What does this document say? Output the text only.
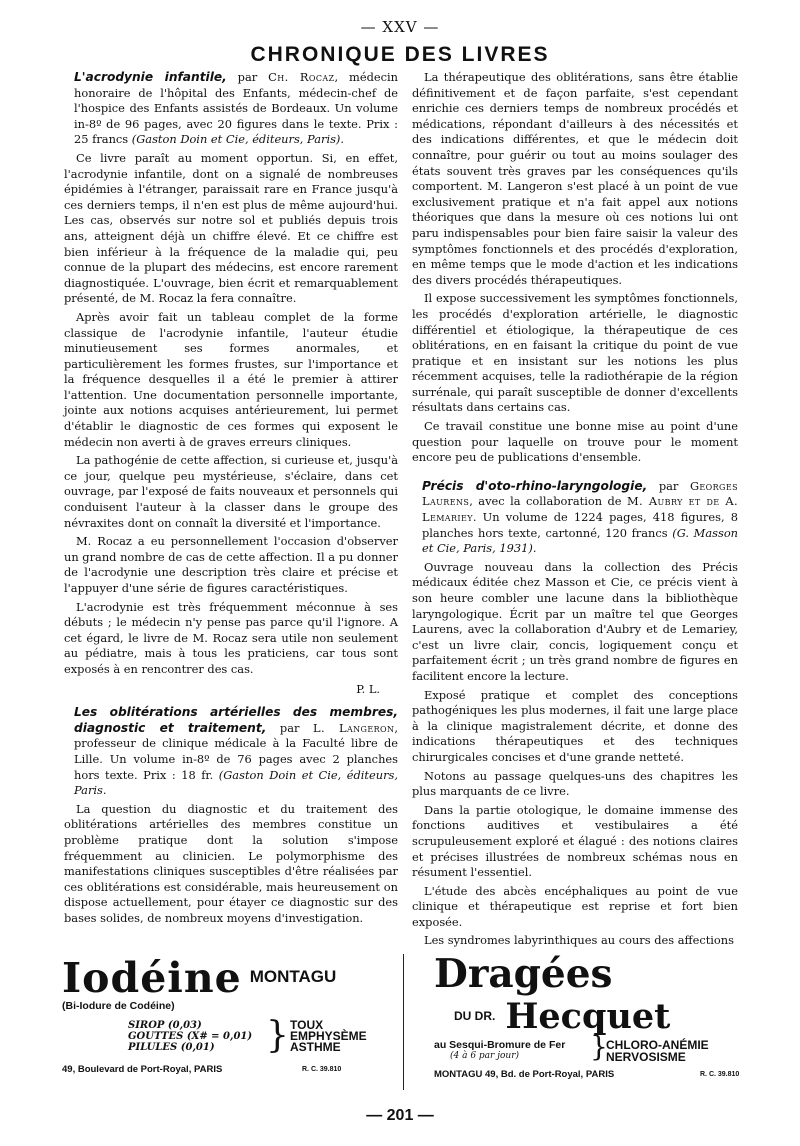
— XXV —
CHRONIQUE DES LIVRES

L'acrodynie infantile, par Ch. Rocaz, médecin honoraire de l'hôpital des Enfants, médecin-chef de l'hospice des Enfants assistés de Bordeaux. Un volume in-8º de 96 pages, avec 20 figures dans le texte. Prix : 25 francs (Gaston Doin et Cie, éditeurs, Paris).

Ce livre paraît au moment opportun. Si, en effet, l'acrodynie infantile, dont on a signalé de nombreuses épidémies à l'étranger, paraissait rare en France jusqu'à ces derniers temps, il n'en est plus de même aujourd'hui. Les cas, observés sur notre sol et publiés depuis trois ans, atteignent déjà un chiffre élevé. Et ce chiffre est bien inférieur à la fréquence de la maladie qui, peu connue de la plupart des médecins, est encore rarement diagnostiquée. L'ouvrage, bien écrit et remarquablement présenté, de M. Rocaz la fera connaître.

Après avoir fait un tableau complet de la forme classique de l'acrodynie infantile, l'auteur étudie minutieusement ses formes anormales, et particulièrement les formes frustes, sur l'importance et la fréquence desquelles il a été le premier à attirer l'attention. Une documentation personnelle importante, jointe aux notions acquises antérieurement, lui permet d'établir le diagnostic de ces formes qui exposent le médecin non averti à de graves erreurs cliniques.

La pathogénie de cette affection, si curieuse et, jusqu'à ce jour, quelque peu mystérieuse, s'éclaire, dans cet ouvrage, par l'exposé de faits nouveaux et personnels qui conduisent l'auteur à la classer dans le groupe des névraxites dont on connaît la diversité et l'importance.

M. Rocaz a eu personnellement l'occasion d'observer un grand nombre de cas de cette affection. Il a pu donner de l'acrodynie une description très claire et précise et l'appuyer d'une série de figures caractéristiques.

L'acrodynie est très fréquemment méconnue à ses débuts ; le médecin n'y pense pas parce qu'il l'ignore. A cet égard, le livre de M. Rocaz sera utile non seulement au pédiatre, mais à tous les praticiens, car tous sont exposés à en rencontrer des cas.

P. L.

Les oblitérations artérielles des membres, diagnostic et traitement, par L. Langeron, professeur de clinique médicale à la Faculté libre de Lille. Un volume in-8º de 76 pages avec 2 planches hors texte. Prix : 18 fr. (Gaston Doin et Cie, éditeurs, Paris.

La question du diagnostic et du traitement des oblitérations artérielles des membres constitue un problème pratique dont la solution s'impose fréquemment au clinicien. Le polymorphisme des manifestations cliniques susceptibles d'être réalisées par ces oblitérations est considérable, mais heureusement on dispose actuellement, pour étayer ce diagnostic sur des bases solides, de nombreux moyens d'investigation.

La thérapeutique des oblitérations, sans être établie définitivement et de façon parfaite, s'est cependant enrichie ces derniers temps de nombreux procédés et médications, répondant d'ailleurs à des nécessités et des indications différentes, et que le médecin doit connaître, pour guérir ou tout au moins soulager des états souvent très graves par les conséquences qu'ils comportent. M. Langeron s'est placé à un point de vue exclusivement pratique et n'a fait appel aux notions théoriques que dans la mesure où ces notions lui ont paru indispensables pour bien faire saisir la valeur des symptômes fonctionnels et des procédés d'exploration, en même temps que le mode d'action et les indications des divers procédés thérapeutiques.

Il expose successivement les symptômes fonctionnels, les procédés d'exploration artérielle, le diagnostic différentiel et étiologique, la thérapeutique de ces oblitérations, en en faisant la critique du point de vue pratique et en insistant sur les notions les plus récemment acquises, telle la radiothérapie de la région surrénale, qui paraît susceptible de donner d'excellents résultats dans certains cas.

Ce travail constitue une bonne mise au point d'une question pour laquelle on trouve pour le moment encore peu de publications d'ensemble.

Précis d'oto-rhino-laryngologie, par Georges Laurens, avec la collaboration de M. Aubry et de A. Lemariey. Un volume de 1224 pages, 418 figures, 8 planches hors texte, cartonné, 120 francs (G. Masson et Cie, Paris, 1931).

Ouvrage nouveau dans la collection des Précis médicaux éditée chez Masson et Cie, ce précis vient à son heure combler une lacune dans la bibliothèque laryngologique. Écrit par un maître tel que Georges Laurens, avec la collaboration d'Aubry et de Lemariey, c'est un livre clair, concis, logiquement conçu et parfaitement écrit ; un très grand nombre de figures en facilitent encore la lecture.

Exposé pratique et complet des conceptions pathogéniques les plus modernes, il fait une large place à la clinique magistralement décrite, et donne des indications thérapeutiques et des techniques chirurgicales concises et d'une grande netteté.

Notons au passage quelques-uns des chapitres les plus marquants de ce livre.

Dans la partie otologique, le domaine immense des fonctions auditives et vestibulaires a été scrupuleusement exploré et élagué : des notions claires et précises illustrées de nombreux schémas nous en résument l'essentiel.

L'étude des abcès encéphaliques au point de vue clinique et thérapeutique est reprise et fort bien exposée.

Les syndromes labyrinthiques au cours des affections

Iodéine MONTAGU
(Bi-Iodure de Codéine)
SIROP (0,03)
GOUTTES (X# = 0,01)
PILULES (0,01)	} TOUX
EMPHYSÈME
ASTHME
49, Boulevard de Port-Royal, PARIS	R. C. 39.810
Dragées
DU DR. Hecquet
au Sesqui-Bromure de Fer
(4 à 6 par jour)	}
CHLORO-ANÉMIE
NERVOSISME
MONTAGU 49, Bd. de Port-Royal, PARIS	R. C. 39.810
— 201 —
